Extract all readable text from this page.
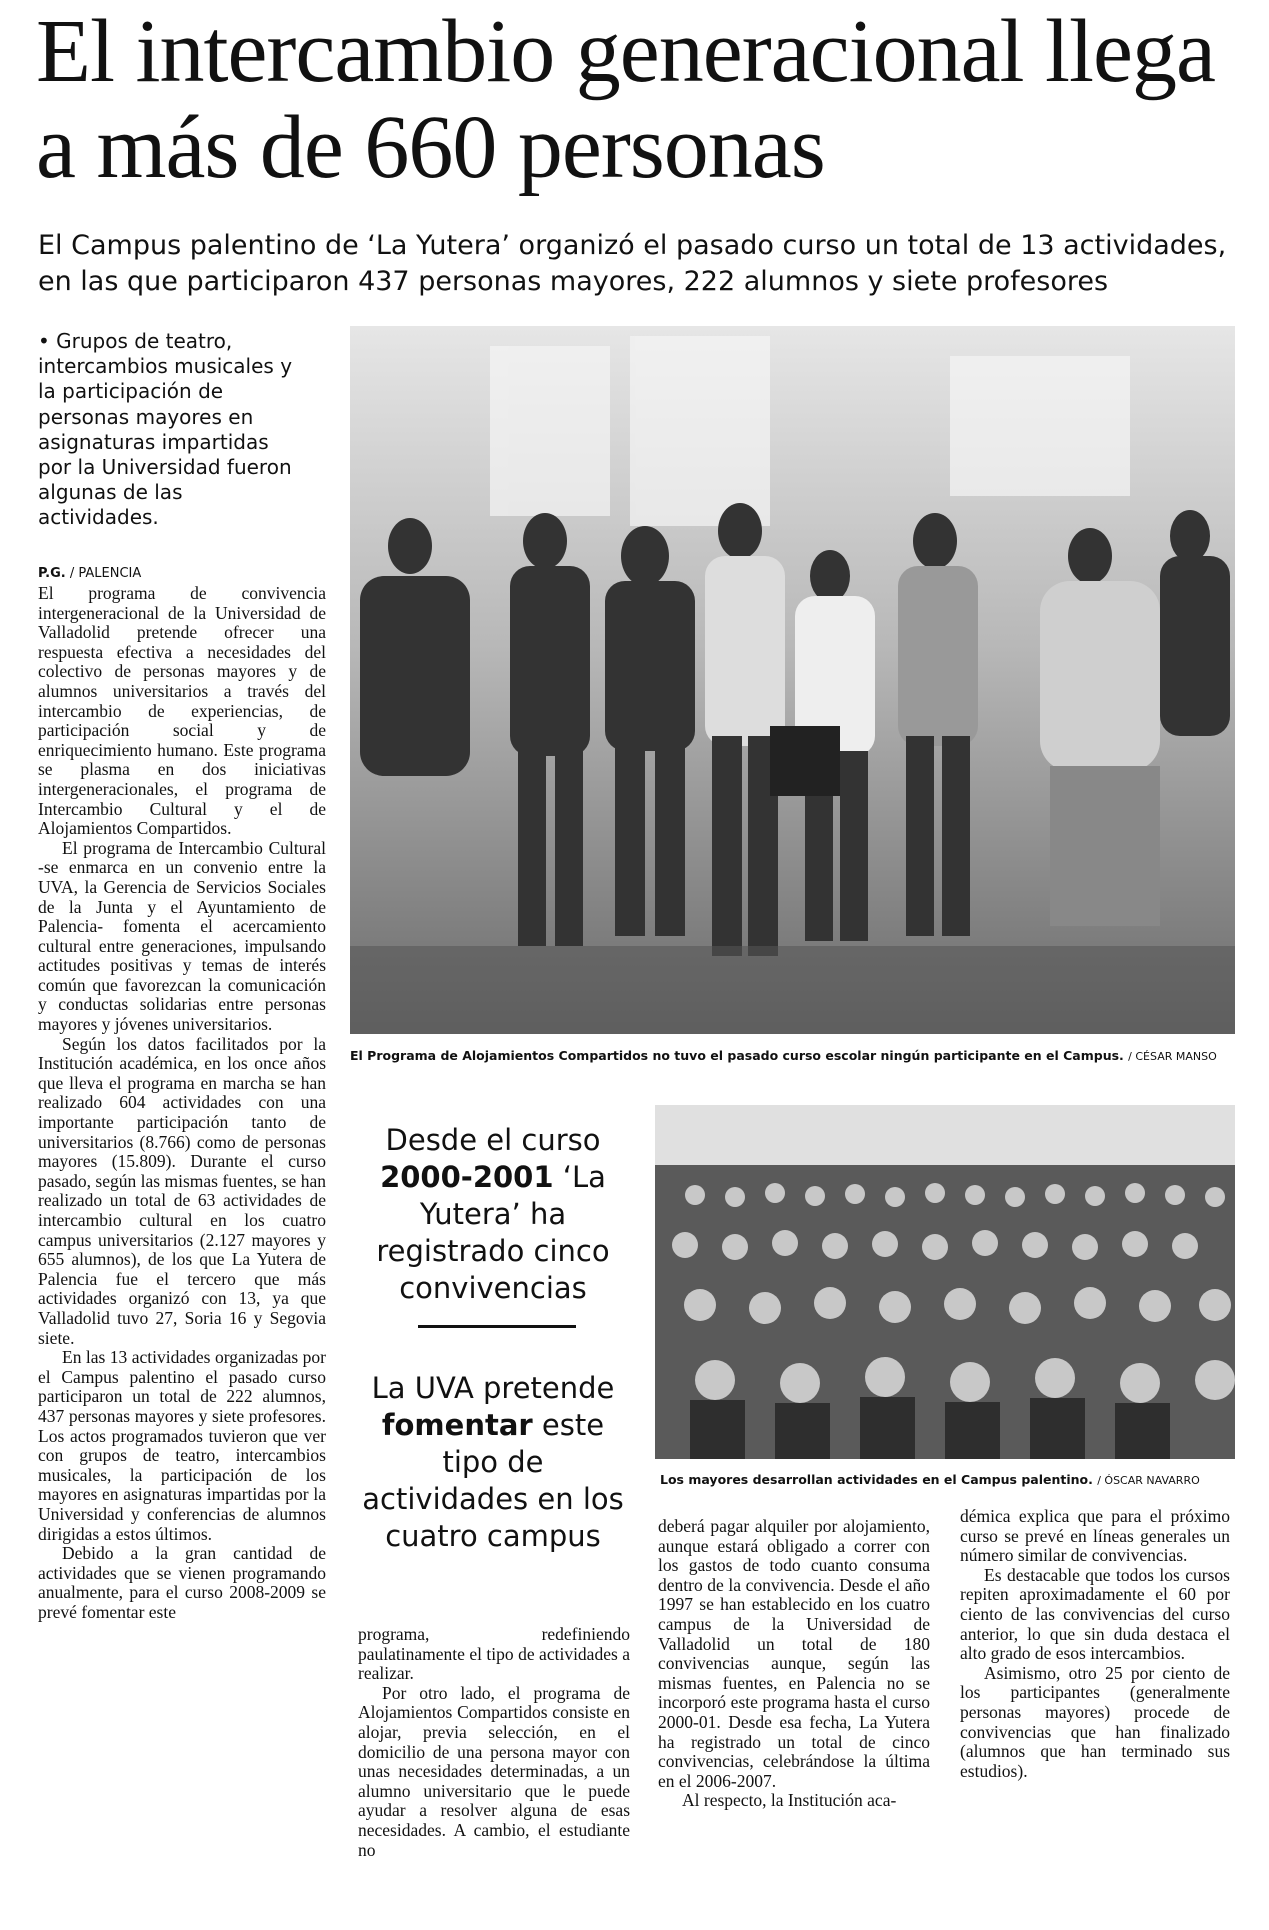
El intercambio generacional llega a más de 660 personas
El Campus palentino de ‘La Yutera’ organizó el pasado curso un total de 13 actividades, en las que participaron 437 personas mayores, 222 alumnos y siete profesores
• Grupos de teatro, intercambios musicales y la participación de personas mayores en asignaturas impartidas por la Universidad fueron algunas de las actividades.
P.G. / PALENCIA

El programa de convivencia intergeneracional de la Universidad de Valladolid pretende ofrecer una respuesta efectiva a necesidades del colectivo de personas mayores y de alumnos universitarios a través del intercambio de experiencias, de participación social y de enriquecimiento humano. Este programa se plasma en dos iniciativas intergeneracionales, el programa de Intercambio Cultural y el de Alojamientos Compartidos.

El programa de Intercambio Cultural -se enmarca en un convenio entre la UVA, la Gerencia de Servicios Sociales de la Junta y el Ayuntamiento de Palencia- fomenta el acercamiento cultural entre generaciones, impulsando actitudes positivas y temas de interés común que favorezcan la comunicación y conductas solidarias entre personas mayores y jóvenes universitarios.

Según los datos facilitados por la Institución académica, en los once años que lleva el programa en marcha se han realizado 604 actividades con una importante participación tanto de universitarios (8.766) como de personas mayores (15.809). Durante el curso pasado, según las mismas fuentes, se han realizado un total de 63 actividades de intercambio cultural en los cuatro campus universitarios (2.127 mayores y 655 alumnos), de los que La Yutera de Palencia fue el tercero que más actividades organizó con 13, ya que Valladolid tuvo 27, Soria 16 y Segovia siete.

En las 13 actividades organizadas por el Campus palentino el pasado curso participaron un total de 222 alumnos, 437 personas mayores y siete profesores. Los actos programados tuvieron que ver con grupos de teatro, intercambios musicales, la participación de los mayores en asignaturas impartidas por la Universidad y conferencias de alumnos dirigidas a estos últimos.

Debido a la gran cantidad de actividades que se vienen programando anualmente, para el curso 2008-2009 se prevé fomentar este

El Programa de Alojamientos Compartidos no tuvo el pasado curso escolar ningún participante en el Campus. / CÉSAR MANSO
Desde el curso 2000-2001 ‘La Yutera’ ha registrado cinco convivencias
La UVA pretende fomentar este tipo de actividades en los cuatro campus
Los mayores desarrollan actividades en el Campus palentino. / ÓSCAR NAVARRO

programa, redefiniendo paulatinamente el tipo de actividades a realizar.

Por otro lado, el programa de Alojamientos Compartidos consiste en alojar, previa selección, en el domicilio de una persona mayor con unas necesidades determinadas, a un alumno universitario que le puede ayudar a resolver alguna de esas necesidades. A cambio, el estudiante no

deberá pagar alquiler por alojamiento, aunque estará obligado a correr con los gastos de todo cuanto consuma dentro de la convivencia. Desde el año 1997 se han establecido en los cuatro campus de la Universidad de Valladolid un total de 180 convivencias aunque, según las mismas fuentes, en Palencia no se incorporó este programa hasta el curso 2000-01. Desde esa fecha, La Yutera ha registrado un total de cinco convivencias, celebrándose la última en el 2006-2007.

Al respecto, la Institución aca-

démica explica que para el próximo curso se prevé en líneas generales un número similar de convivencias.

Es destacable que todos los cursos repiten aproximadamente el 60 por ciento de las convivencias del curso anterior, lo que sin duda destaca el alto grado de esos intercambios.

Asimismo, otro 25 por ciento de los participantes (generalmente personas mayores) procede de convivencias que han finalizado (alumnos que han terminado sus estudios).
